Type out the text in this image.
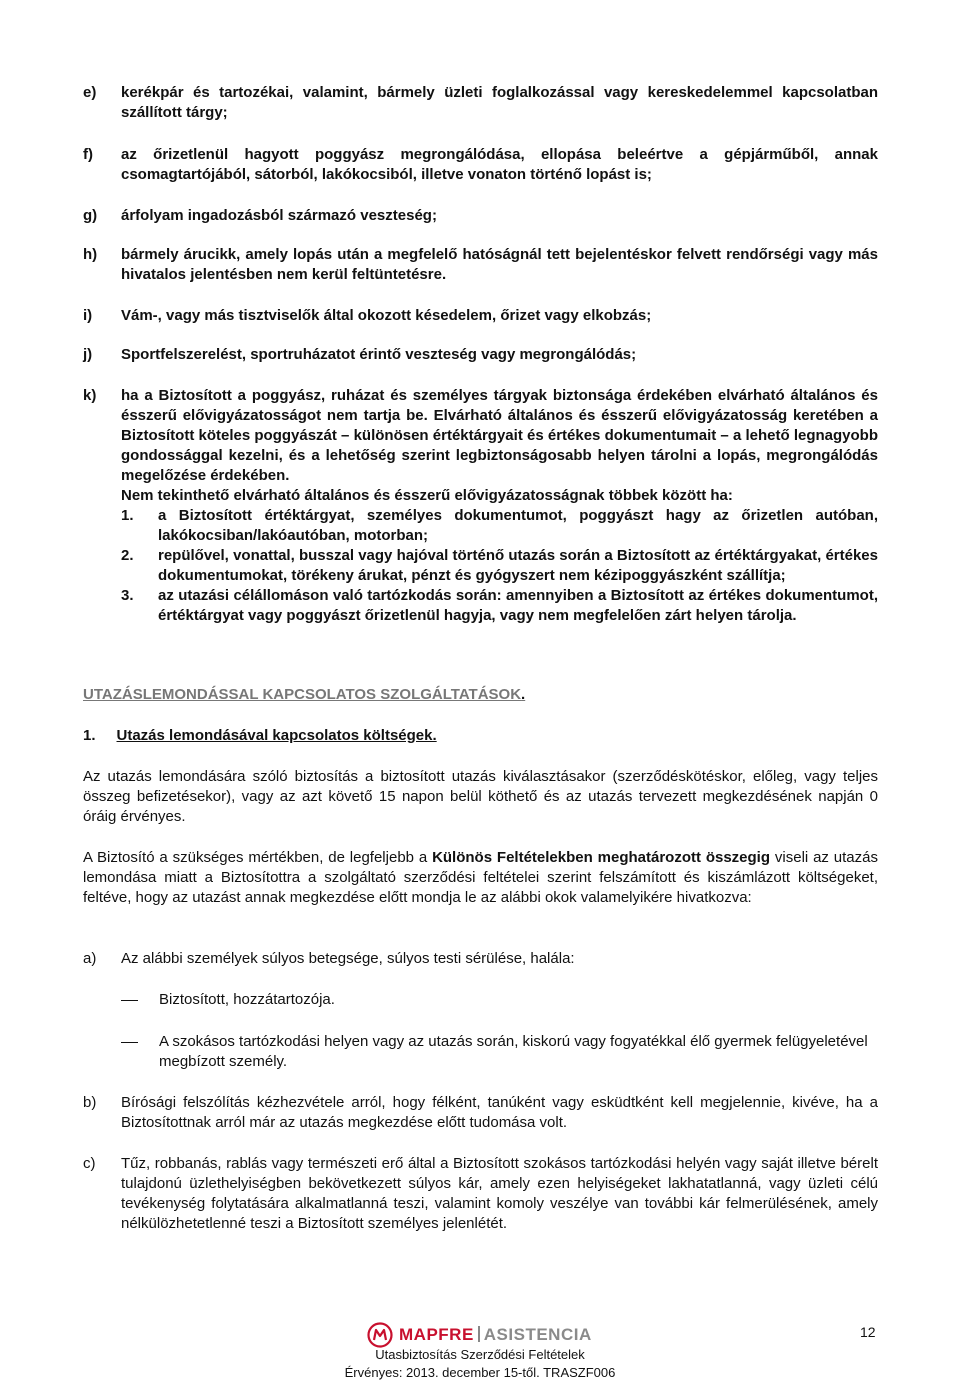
e) kerékpár és tartozékai, valamint, bármely üzleti foglalkozással vagy kereskedelemmel kapcsolatban szállított tárgy;
f) az őrizetlenül hagyott poggyász megrongálódása, ellopása beleértve a gépjárműből, annak csomagtartójából, sátorból, lakókocsiból, illetve vonaton történő lopást is;
g) árfolyam ingadozásból származó veszteség;
h) bármely árucikk, amely lopás után a megfelelő hatóságnál tett bejelentéskor felvett rendőrségi vagy más hivatalos jelentésben nem kerül feltüntetésre.
i) Vám-, vagy más tisztviselők által okozott késedelem, őrizet vagy elkobzás;
j) Sportfelszerelést, sportruházatot érintő veszteség vagy megrongálódás;
k) ha a Biztosított a poggyász, ruházat és személyes tárgyak biztonsága érdekében elvárható általános és ésszerű elővigyázatosságot nem tartja be. Elvárható általános és ésszerű elővigyázatosság keretében a Biztosított köteles poggyászát – különösen értéktárgyait és értékes dokumentumait – a lehető legnagyobb gondossággal kezelni, és a lehetőség szerint legbiztonságosabb helyen tárolni a lopás, megrongálódás megelőzése érdekében.
Nem tekinthető elvárható általános és ésszerű elővigyázatosságnak többek között ha:
1. a Biztosított értéktárgyat, személyes dokumentumot, poggyászt hagy az őrizetlen autóban, lakókocsiban/lakóautóban, motorban;
2. repülővel, vonattal, busszal vagy hajóval történő utazás során a Biztosított az értéktárgyakat, értékes dokumentumokat, törékeny árukat, pénzt és gyógyszert nem kézipoggyászként szállítja;
3. az utazási célállomáson való tartózkodás során: amennyiben a Biztosított az értékes dokumentumot, értéktárgyat vagy poggyászt őrizetlenül hagyja, vagy nem megfelelően zárt helyen tárolja.
UTAZÁSLEMONDÁSSAL KAPCSOLATOS SZOLGÁLTATÁSOK.
1. Utazás lemondásával kapcsolatos költségek.
Az utazás lemondására szóló biztosítás a biztosított utazás kiválasztásakor (szerződéskötéskor, előleg, vagy teljes összeg befizetésekor), vagy az azt követő 15 napon belül köthető és az utazás tervezett megkezdésének napján 0 óráig érvényes.
A Biztosító a szükséges mértékben, de legfeljebb a Különös Feltételekben meghatározott összegig viseli az utazás lemondása miatt a Biztosítottra a szolgáltató szerződési feltételei szerint felszámított és kiszámlázott költségeket, feltéve, hogy az utazást annak megkezdése előtt mondja le az alábbi okok valamelyikére hivatkozva:
a) Az alábbi személyek súlyos betegsége, súlyos testi sérülése, halála:
Biztosított, hozzátartozója.
A szokásos tartózkodási helyen vagy az utazás során, kiskorú vagy fogyatékkal élő gyermek felügyeletével megbízott személy.
b) Bírósági felszólítás kézhezvétele arról, hogy félként, tanúként vagy esküdtként kell megjelennie, kivéve, ha a Biztosítottnak arról már az utazás megkezdése előtt tudomása volt.
c) Tűz, robbanás, rablás vagy természeti erő által a Biztosított szokásos tartózkodási helyén vagy saját illetve bérelt tulajdonú üzlethelyiségben bekövetkezett súlyos kár, amely ezen helyiségeket lakhatatlanná, vagy üzleti célú tevékenység folytatására alkalmatlanná teszi, valamint komoly veszélye van további kár felmerülésének, amely nélkülözhetetlenné teszi a Biztosított személyes jelenlétét.
MAPFRE ASISTENCIA
Utasbiztosítás Szerződési Feltételek
Érvényes: 2013. december 15-től. TRASZF006
12
